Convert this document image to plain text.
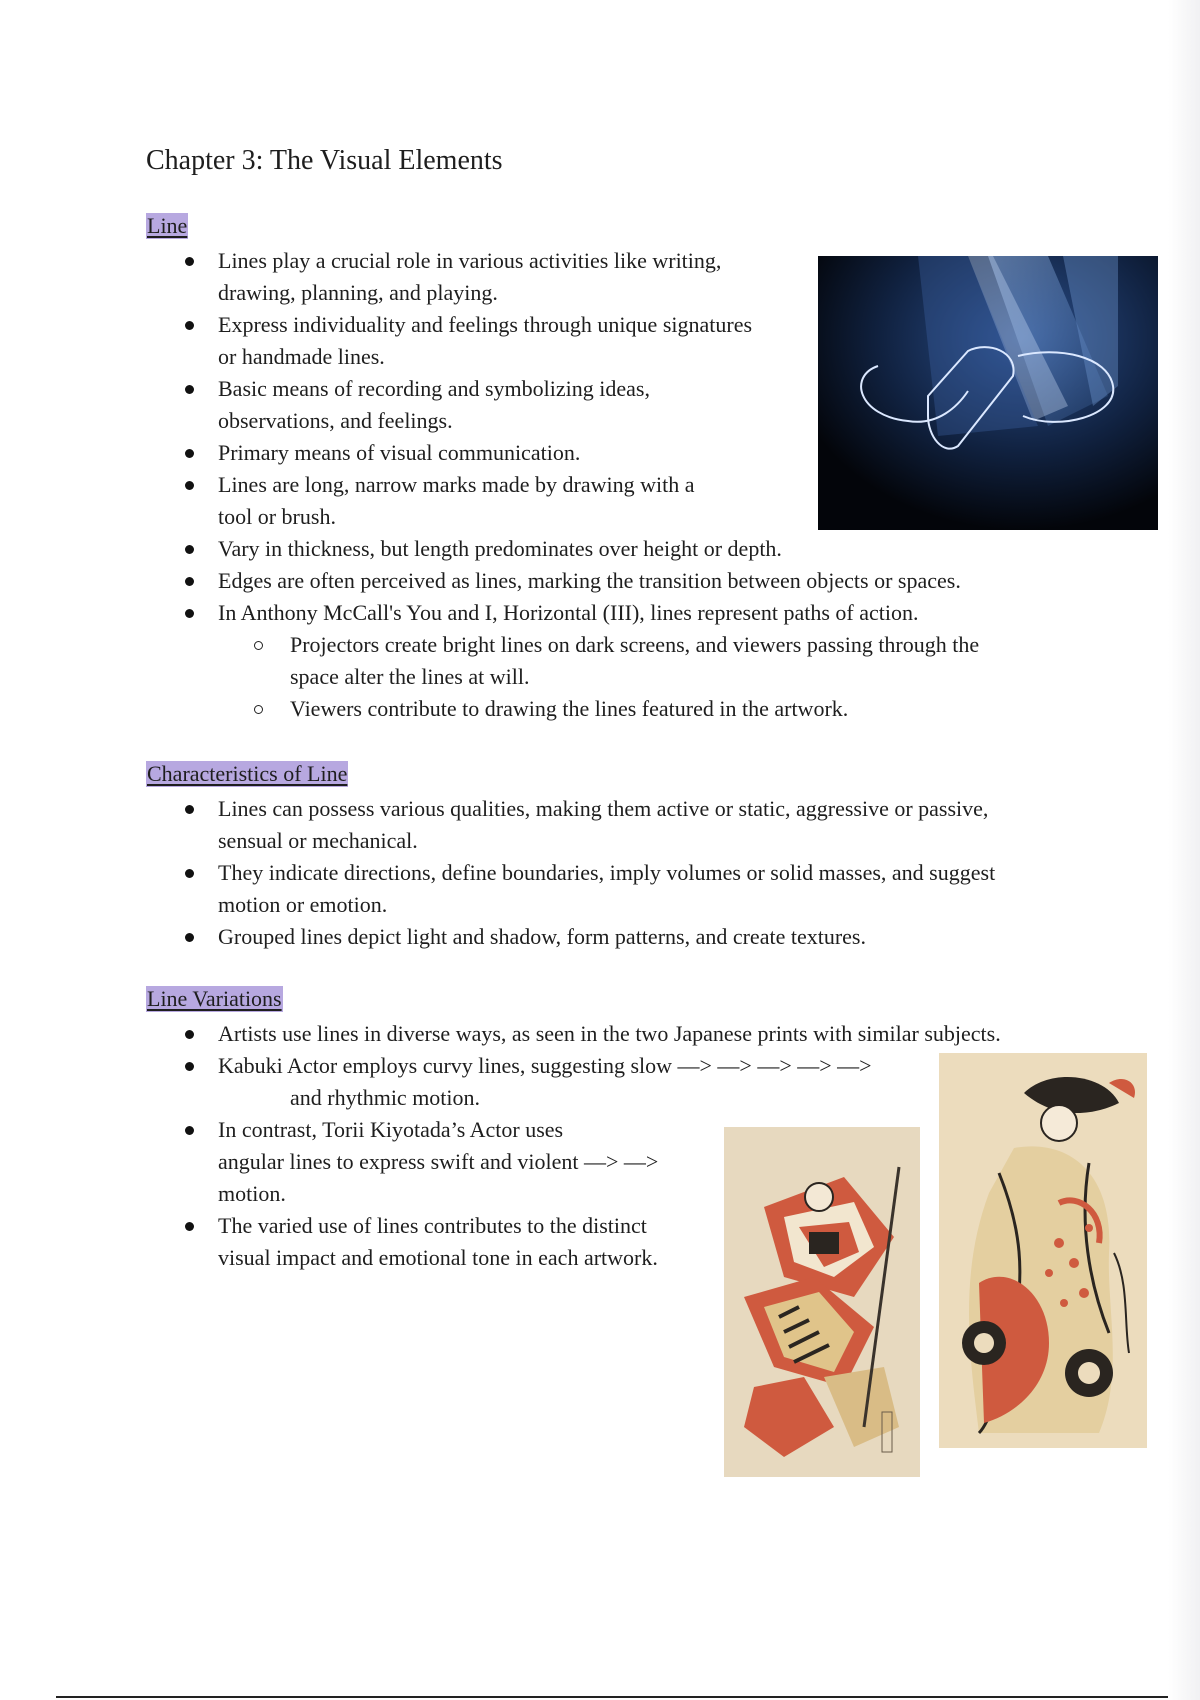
Chapter 3: The Visual Elements
Line
Lines play a crucial role in various activities like writing,
drawing, planning, and playing.
Express individuality and feelings through unique signatures
or handmade lines.
Basic means of recording and symbolizing ideas,
observations, and feelings.
Primary means of visual communication.
Lines are long, narrow marks made by drawing with a
tool or brush.
Vary in thickness, but length predominates over height or depth.
Edges are often perceived as lines, marking the transition between objects or spaces.
In Anthony McCall's You and I, Horizontal (III), lines represent paths of action.
Projectors create bright lines on dark screens, and viewers passing through the
space alter the lines at will.
Viewers contribute to drawing the lines featured in the artwork.
Characteristics of Line
Lines can possess various qualities, making them active or static, aggressive or passive,
sensual or mechanical.
They indicate directions, define boundaries, imply volumes or solid masses, and suggest
motion or emotion.
Grouped lines depict light and shadow, form patterns, and create textures.
Line Variations
Artists use lines in diverse ways, as seen in the two Japanese prints with similar subjects.
Kabuki Actor employs curvy lines, suggesting slow —> —> —> —> —>
and rhythmic motion.
In contrast, Torii Kiyotada’s Actor uses
angular lines to express swift and violent —> —>
motion.
The varied use of lines contributes to the distinct
visual impact and emotional tone in each artwork.
